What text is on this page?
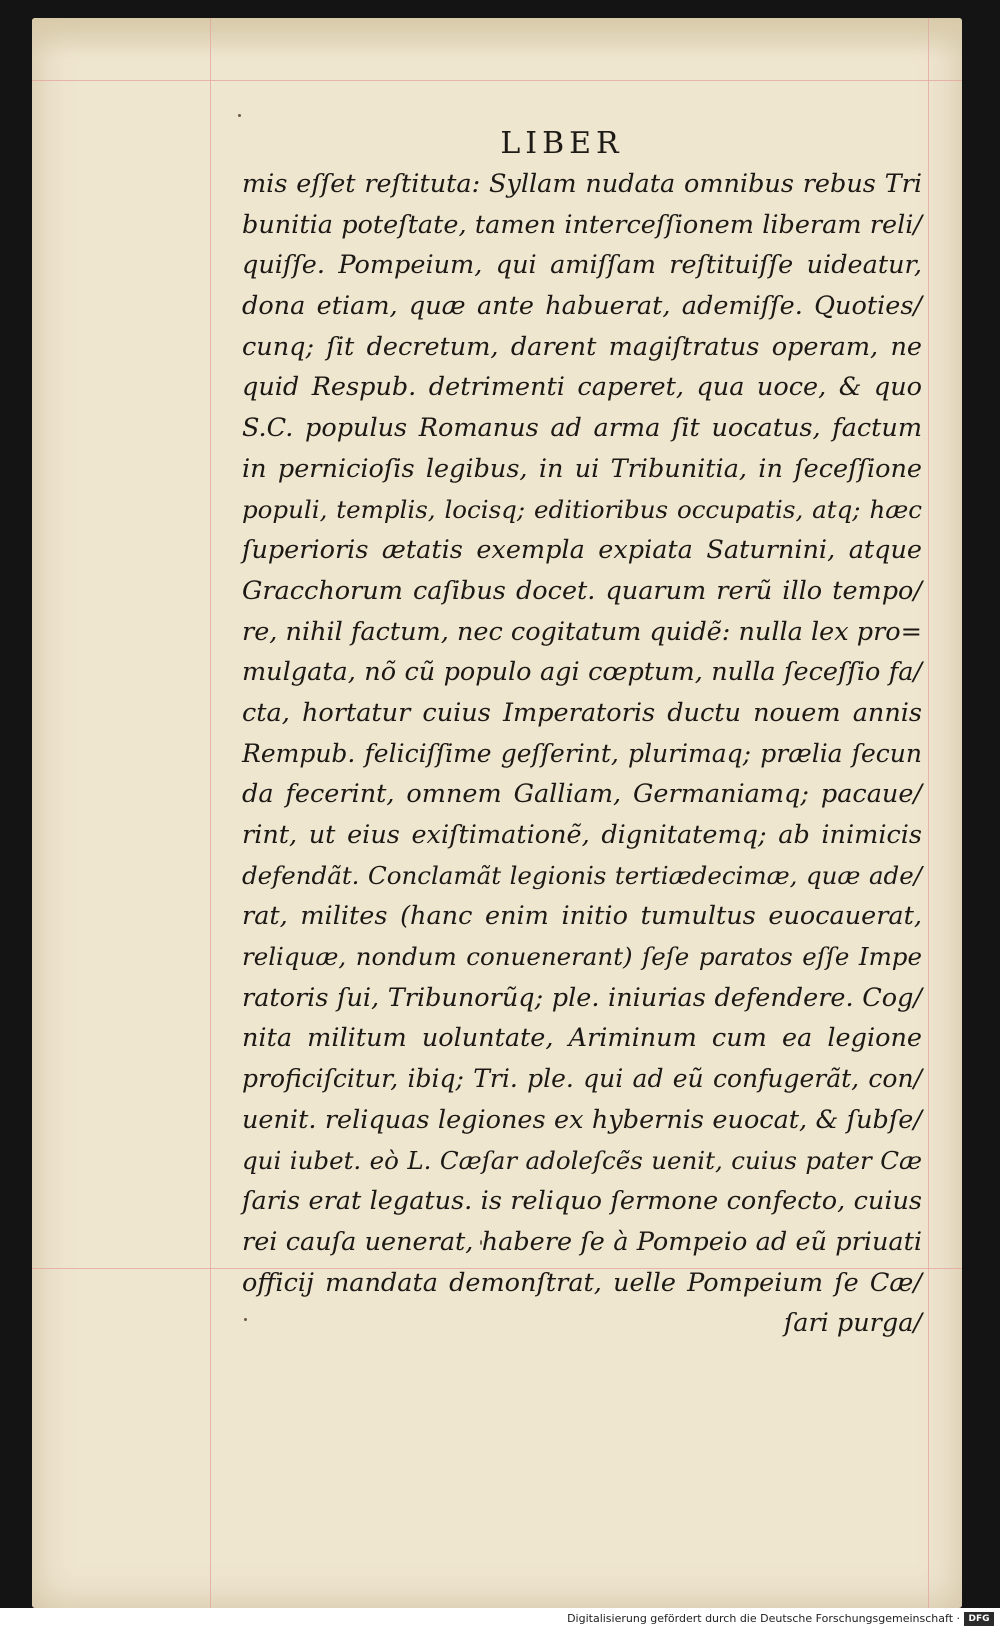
LIBER
mis eſſet reſtituta: Syllam nudata omnibus rebus Tri
bunitia poteſtate, tamen interceſſionem liberam reli/
quiſſe. Pompeium, qui amiſſam reſtituiſſe uideatur,
dona etiam, quæ ante habuerat, ademiſſe. Quoties/
cunq; ſit decretum, darent magiſtratus operam, ne
quid Respub. detrimenti caperet, qua uoce, & quo
S.C. populus Romanus ad arma ſit uocatus, factum
in pernicioſis legibus, in ui Tribunitia, in ſeceſſione
populi, templis, locisq; editioribus occupatis, atq; hæc
ſuperioris ætatis exempla expiata Saturnini, atque
Gracchorum caſibus docet. quarum rerũ illo tempo/
re, nihil factum, nec cogitatum quidẽ: nulla lex pro=
mulgata, nõ cũ populo agi cœptum, nulla ſeceſſio fa/
cta, hortatur cuius Imperatoris ductu nouem annis
Rempub. feliciſſime geſſerint, plurimaq; prælia ſecun
da fecerint, omnem Galliam, Germaniamq; pacaue/
rint, ut eius exiſtimationẽ, dignitatemq; ab inimicis
defendãt. Conclamãt legionis tertiædecimæ, quæ ade/
rat, milites (hanc enim initio tumultus euocauerat,
reliquæ, nondum conuenerant) ſeſe paratos eſſe Impe
ratoris ſui, Tribunorũq; ple. iniurias defendere. Cog/
nita militum uoluntate, Ariminum cum ea legione
proficiſcitur, ibiq; Tri. ple. qui ad eũ confugerãt, con/
uenit. reliquas legiones ex hybernis euocat, & ſubſe/
qui iubet. eò L. Cæſar adoleſcẽs uenit, cuius pater Cæ
ſaris erat legatus. is reliquo ſermone confecto, cuius
rei cauſa uenerat, habere ſe à Pompeio ad eũ priuati
officij mandata demonſtrat, uelle Pompeium ſe Cæ/
ſari purga/
Digitalisierung gefördert durch die Deutsche Forschungsgemeinschaft · DFG
